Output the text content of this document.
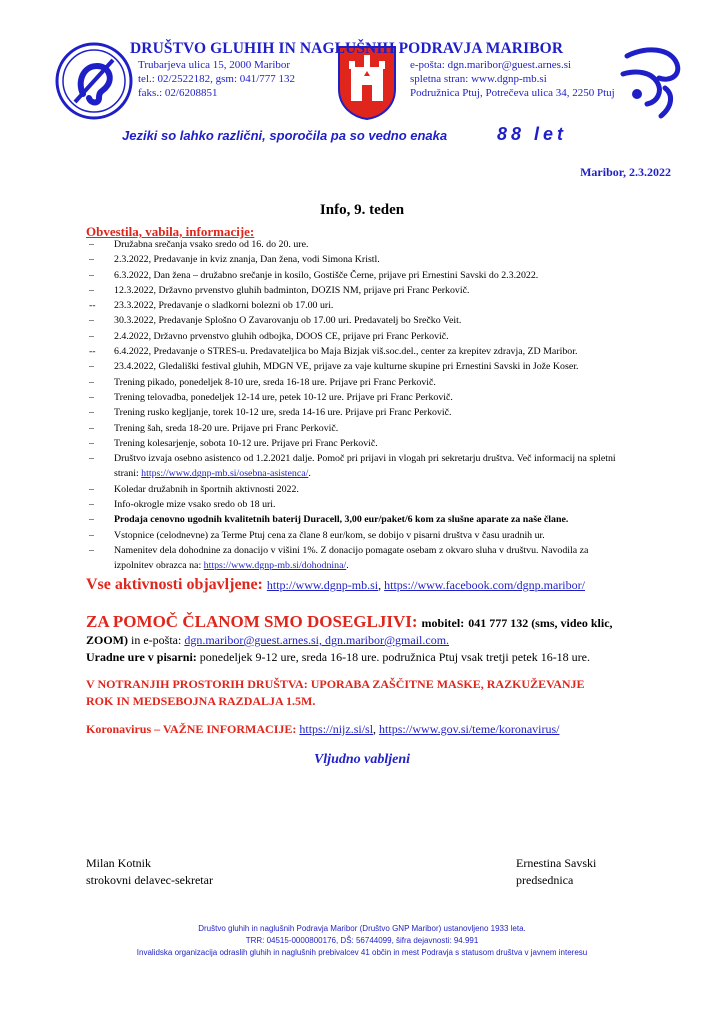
DRUŠTVO GLUHIH IN NAGLUŠNIH PODRAVJA MARIBOR
Trubarjeva ulica 15, 2000 Maribor
tel.: 02/2522182, gsm: 041/777 132
faks.: 02/6208851
e-pošta: dgn.maribor@guest.arnes.si
spletna stran: www.dgnp-mb.si
Podružnica Ptuj, Potrečeva ulica 34, 2250 Ptuj
Jeziki so lahko različni, sporočila pa so vedno enaka	88 let
Maribor, 2.3.2022
Info, 9. teden
Obvestila, vabila, informacije:
– Družabna srečanja vsako sredo od 16. do 20. ure.
– 2.3.2022, Predavanje in kviz znanja, Dan žena, vodi Simona Kristl.
– 6.3.2022, Dan žena – družabno srečanje in kosilo, Gostišče Černe, prijave pri Ernestini Savski do 2.3.2022.
– 12.3.2022, Državno prvenstvo gluhih badminton, DOZIS NM, prijave pri Franc Perkovič.
-- 23.3.2022, Predavanje o sladkorni bolezni ob 17.00 uri.
– 30.3.2022, Predavanje Splošno O Zavarovanju ob 17.00 uri. Predavatelj bo Srečko Veit.
– 2.4.2022, Državno prvenstvo gluhih odbojka, DOOS CE, prijave pri Franc Perkovič.
-- 6.4.2022, Predavanje o STRES-u. Predavateljica bo Maja Bizjak viš.soc.del., center za krepitev zdravja, ZD Maribor.
– 23.4.2022, Gledališki festival gluhih, MDGN VE, prijave za vaje kulturne skupine pri Ernestini Savski in Jože Koser.
– Trening pikado, ponedeljek 8-10 ure, sreda 16-18 ure. Prijave pri Franc Perkovič.
– Trening telovadba, ponedeljek 12-14 ure, petek 10-12 ure. Prijave pri Franc Perkovič.
– Trening rusko kegljanje, torek 10-12 ure, sreda 14-16 ure. Prijave pri Franc Perkovič.
– Trening šah, sreda 18-20 ure. Prijave pri Franc Perkovič.
– Trening kolesarjenje, sobota 10-12 ure. Prijave pri Franc Perkovič.
– Društvo izvaja osebno asistenco od 1.2.2021 dalje. Pomoč pri prijavi in vlogah pri sekretarju društva. Več informacij na spletni
strani: https://www.dgnp-mb.si/osebna-asistenca/.
– Koledar družabnih in športnih aktivnosti 2022.
– Info-okrogle mize vsako sredo ob 18 uri.
– Prodaja cenovno ugodnih kvalitetnih baterij Duracell, 3,00 eur/paket/6 kom za slušne aparate za naše člane.
– Vstopnice (celodnevne) za Terme Ptuj cena za člane 8 eur/kom, se dobijo v pisarni društva v času uradnih ur.
– Namenitev dela dohodnine za donacijo v višini 1%. Z donacijo pomagate osebam z okvaro sluha v društvu. Navodila za
izpolnitev obrazca na: https://www.dgnp-mb.si/dohodnina/.
Vse aktivnosti objavljene: http://www.dgnp-mb.si, https://www.facebook.com/dgnp.maribor/
ZA POMOČ ČLANOM SMO DOSEGLJIVI: mobitel: 041 777 132 (sms, video klic,
ZOOM) in e-pošta: dgn.maribor@guest.arnes.si, dgn.maribor@gmail.com.
Uradne ure v pisarni: ponedeljek 9-12 ure, sreda 16-18 ure. podružnica Ptuj vsak tretji petek 16-18 ure.
V NOTRANJIH PROSTORIH DRUŠTVA: UPORABA ZAŠČITNE MASKE, RAZKUŽEVANJE
ROK IN MEDSEBOJNA RAZDALJA 1.5M.
Koronavirus – VAŽNE INFORMACIJE: https://nijz.si/sl, https://www.gov.si/teme/koronavirus/
Vljudno vabljeni
Milan Kotnik
strokovni delavec-sekretar
Ernestina Savski
predsednica
Društvo gluhih in naglušnih Podravja Maribor (Društvo GNP Maribor) ustanovljeno 1933 leta.
TRR: 04515-0000800176, DŠ: 56744099, šifra dejavnosti: 94.991
Invalidska organizacija odraslih gluhih in naglušnih prebivalcev 41 občin in mest Podravja s statusom društva v javnem interesu
